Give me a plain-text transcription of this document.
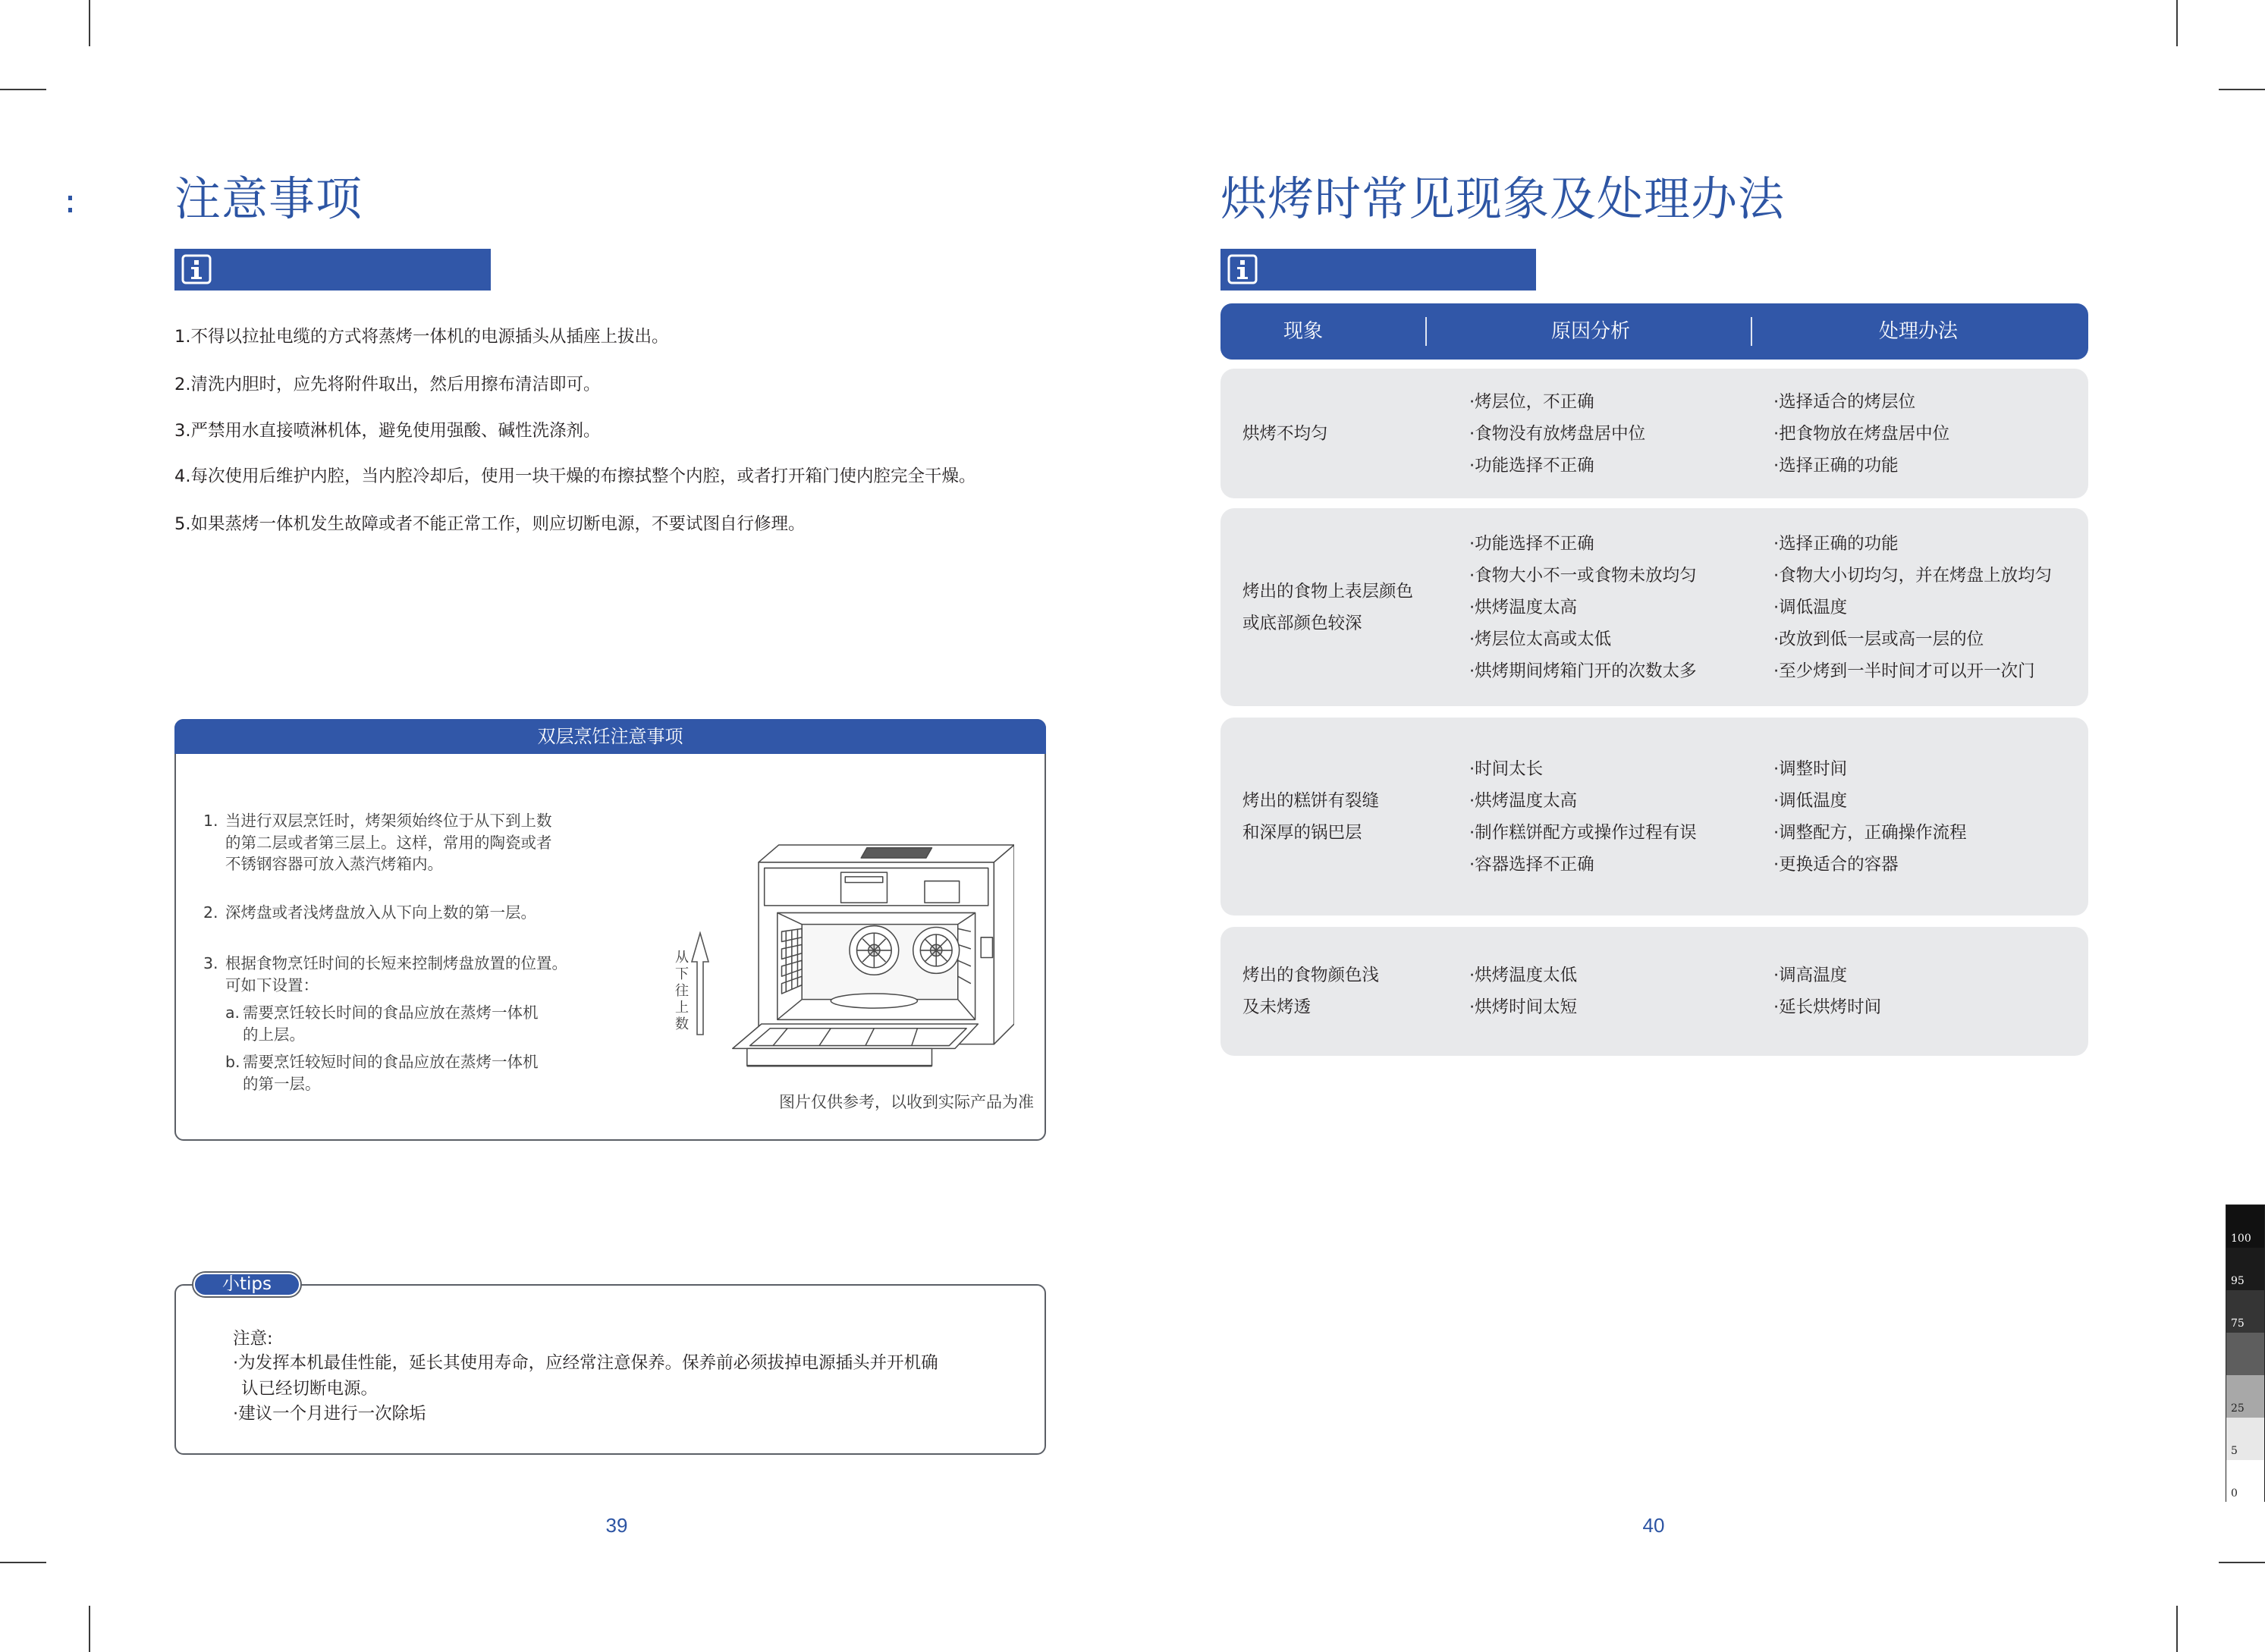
注意事项
1.不得以拉扯电缆的方式将蒸烤一体机的电源插头从插座上拔出。
2.清洗内胆时，应先将附件取出，然后用擦布清洁即可。
3.严禁用水直接喷淋机体，避免使用强酸、碱性洗涤剂。
4.每次使用后维护内腔，当内腔冷却后，使用一块干燥的布擦拭整个内腔，或者打开箱门使内腔完全干燥。
5.如果蒸烤一体机发生故障或者不能正常工作，则应切断电源，不要试图自行修理。
双层烹饪注意事项
1. 当进行双层烹饪时，烤架须始终位于从下到上数
的第二层或者第三层上。这样，常用的陶瓷或者
不锈钢容器可放入蒸汽烤箱内。
2. 深烤盘或者浅烤盘放入从下向上数的第一层。
3. 根据食物烹饪时间的长短来控制烤盘放置的位置。
可如下设置：
a. 需要烹饪较长时间的食品应放在蒸烤一体机
的上层。
b. 需要烹饪较短时间的食品应放在蒸烤一体机
的第一层。
从
下
往
上
数
图片仅供参考，以收到实际产品为准
注意:
·为发挥本机最佳性能，延长其使用寿命，应经常注意保养。保养前必须拔掉电源插头并开机确
认已经切断电源。
·建议一个月进行一次除垢
小tips
39
烘烤时常见现象及处理办法
现象	原因分析	处理办法
烘烤不均匀
·烤层位，不正确
·食物没有放烤盘居中位
·功能选择不正确
·选择适合的烤层位
·把食物放在烤盘居中位
·选择正确的功能
烤出的食物上表层颜色
或底部颜色较深
·功能选择不正确
·食物大小不一或食物未放均匀
·烘烤温度太高
·烤层位太高或太低
·烘烤期间烤箱门开的次数太多
·选择正确的功能
·食物大小切均匀，并在烤盘上放均匀
·调低温度
·改放到低一层或高一层的位
·至少烤到一半时间才可以开一次门
烤出的糕饼有裂缝
和深厚的锅巴层
·时间太长
·烘烤温度太高
·制作糕饼配方或操作过程有误
·容器选择不正确
·调整时间
·调低温度
·调整配方，正确操作流程
·更换适合的容器
烤出的食物颜色浅
及未烤透
·烘烤温度太低
·烘烤时间太短
·调高温度
·延长烘烤时间
40
100
95
75
25
5
0
